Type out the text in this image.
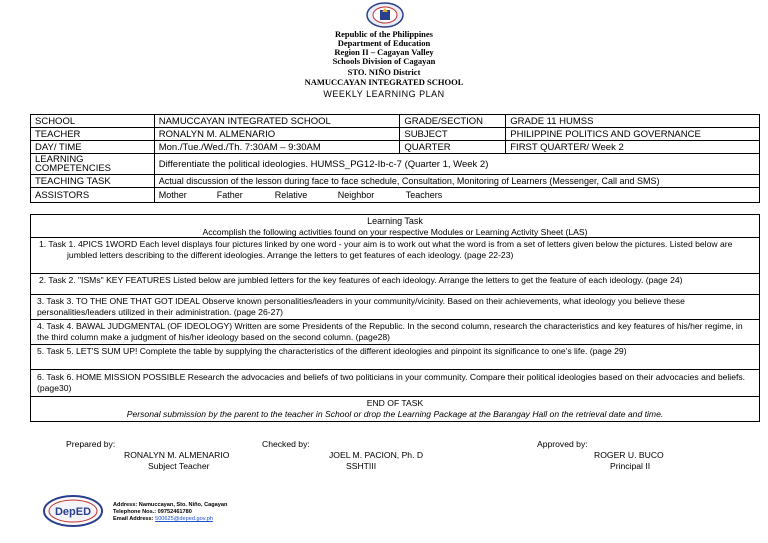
Republic of the Philippines
Department of Education
Region II – Cagayan Valley
Schools Division of Cagayan
STO. NIÑO District
NAMUCCAYAN INTEGRATED SCHOOL
WEEKLY LEARNING PLAN
SCHOOL	NAMUCCAYAN INTEGRATED SCHOOL	GRADE/SECTION	GRADE 11 HUMSS
TEACHER	RONALYN M. ALMENARIO	SUBJECT	PHILIPPINE POLITICS AND GOVERNANCE
DAY/ TIME	Mon./Tue./Wed./Th. 7:30AM – 9:30AM	QUARTER	FIRST QUARTER/ Week 2
LEARNING COMPETENCIES	Differentiate the political ideologies. HUMSS_PG12-Ib-c-7 (Quarter 1, Week 2)		
TEACHING TASK	Actual discussion of the lesson during face to face schedule, Consultation, Monitoring of Learners (Messenger, Call and SMS)		
ASSISTORS	Mother Father Relative Neighbor Teachers		
Learning Task
Accomplish the following activities found on your respective Modules or Learning Activity Sheet (LAS)
1. Task 1. 4PICS 1WORD Each level displays four pictures linked by one word - your aim is to work out what the word is from a set of letters given below the pictures. Listed below are jumbled letters describing to the different ideologies. Arrange the letters to get features of each ideology. (page 22-23)
2. Task 2. "ISMs" KEY FEATURES Listed below are jumbled letters for the key features of each ideology. Arrange the letters to get the feature of each ideology. (page 24)
3. Task 3. TO THE ONE THAT GOT IDEAL Observe known personalities/leaders in your community/vicinity. Based on their achievements, what ideology you believe these personalities/leaders utilized in their administration. (page 26-27)
4. Task 4. BAWAL JUDGMENTAL (OF IDEOLOGY) Written are some Presidents of the Republic. In the second column, research the characteristics and key features of his/her regime, in the third column make a judgment of his/her ideology based on the second column. (page28)
5. Task 5. LET'S SUM UP! Complete the table by supplying the characteristics of the different ideologies and pinpoint its significance to one's life. (page 29)
6. Task 6. HOME MISSION POSSIBLE Research the advocacies and beliefs of two politicians in your community. Compare their political ideologies based on their advocacies and beliefs. (page30)
END OF TASK
Personal submission by the parent to the teacher in School or drop the Learning Package at the Barangay Hall on the retrieval date and time.
Prepared by:
RONALYN M. ALMENARIO
Subject Teacher
Checked by:
JOEL M. PACION, Ph. D
SSHTIII
Approved by:
ROGER U. BUCO
Principal II
DepED
Address: Namuccayan, Sto. Niño, Cagayan
Telephone Nos.: 09752461780
Email Address: 500625@deped.gov.ph
